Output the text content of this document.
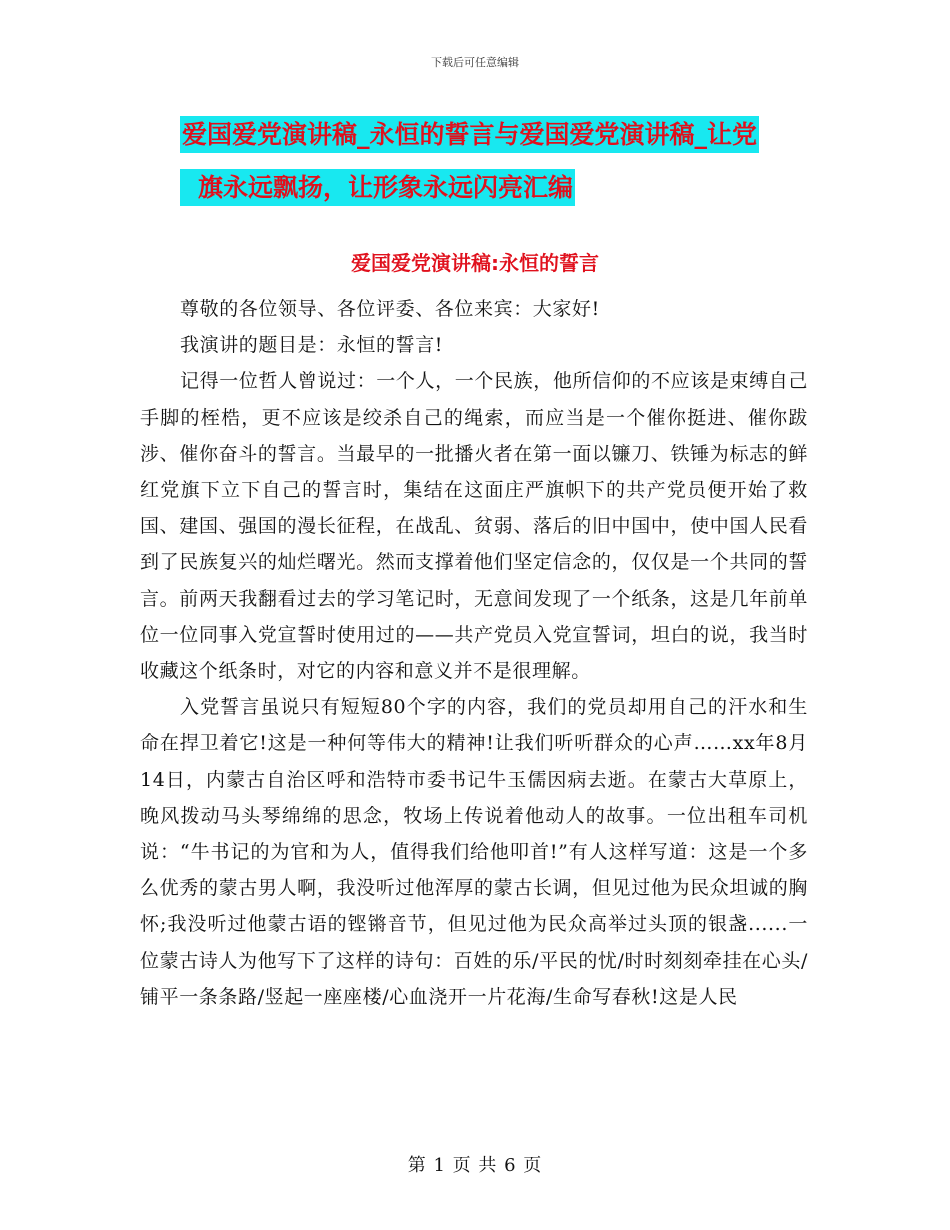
下载后可任意编辑
爱国爱党演讲稿_永恒的誓言与爱国爱党演讲稿_让党
旗永远飘扬，让形象永远闪亮汇编
爱国爱党演讲稿:永恒的誓言

尊敬的各位领导、各位评委、各位来宾：大家好!

我演讲的题目是：永恒的誓言!

记得一位哲人曾说过：一个人，一个民族，他所信仰的不应该是束缚自己手脚的桎梏，更不应该是绞杀自己的绳索，而应当是一个催你挺进、催你跋涉、催你奋斗的誓言。当最早的一批播火者在第一面以镰刀、铁锤为标志的鲜红党旗下立下自己的誓言时，集结在这面庄严旗帜下的共产党员便开始了救国、建国、强国的漫长征程，在战乱、贫弱、落后的旧中国中，使中国人民看到了民族复兴的灿烂曙光。然而支撑着他们坚定信念的，仅仅是一个共同的誓言。前两天我翻看过去的学习笔记时，无意间发现了一个纸条，这是几年前单位一位同事入党宣誓时使用过的——共产党员入党宣誓词，坦白的说，我当时收藏这个纸条时，对它的内容和意义并不是很理解。

入党誓言虽说只有短短80个字的内容，我们的党员却用自己的汗水和生命在捍卫着它!这是一种何等伟大的精神!让我们听听群众的心声……xx年8月14日，内蒙古自治区呼和浩特市委书记牛玉儒因病去逝。在蒙古大草原上，晚风拨动马头琴绵绵的思念，牧场上传说着他动人的故事。一位出租车司机说：“牛书记的为官和为人，值得我们给他叩首!”有人这样写道：这是一个多么优秀的蒙古男人啊，我没听过他浑厚的蒙古长调，但见过他为民众坦诚的胸怀;我没听过他蒙古语的铿锵音节，但见过他为民众高举过头顶的银盏......一位蒙古诗人为他写下了这样的诗句：百姓的乐/平民的忧/时时刻刻牵挂在心头/铺平一条条路/竖起一座座楼/心血浇开一片花海/生命写春秋!这是人民

第 1 页 共 6 页
